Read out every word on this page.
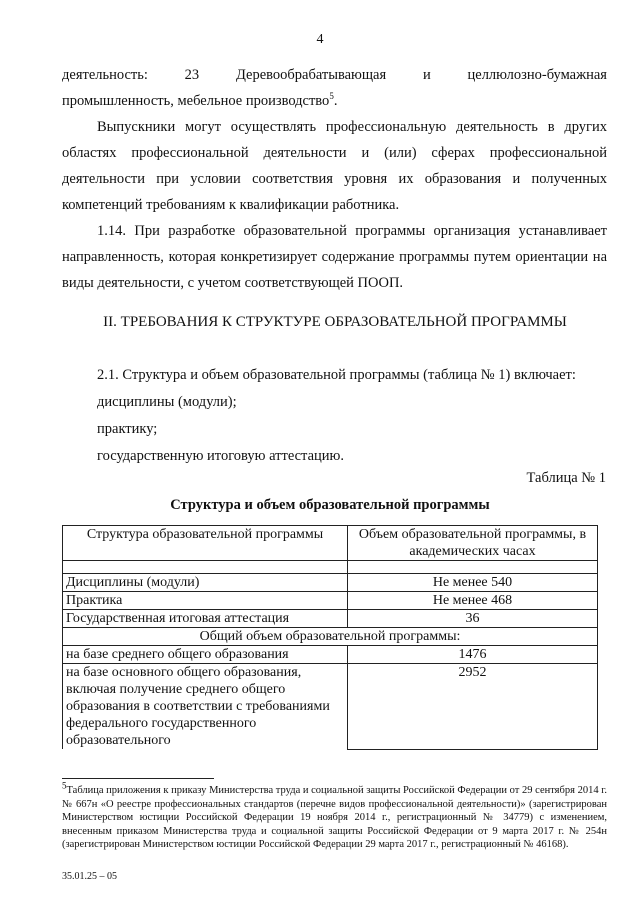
4
деятельность:	23	Деревообрабатывающая	и	целлюлозно-бумажная
промышленность, мебельное производство$^5$.

Выпускники могут осуществлять профессиональную деятельность в других областях профессиональной деятельности и (или) сферах профессиональной деятельности при условии соответствия уровня их образования и полученных компетенций требованиям к квалификации работника.

1.14. При разработке образовательной программы организация устанавливает направленность, которая конкретизирует содержание программы путем ориентации на виды деятельности, с учетом соответствующей ПООП.

II. ТРЕБОВАНИЯ К СТРУКТУРЕ ОБРАЗОВАТЕЛЬНОЙ ПРОГРАММЫ
2.1. Структура и объем образовательной программы (таблица № 1) включает:
дисциплины (модули);
практику;
государственную итоговую аттестацию.
Таблица № 1
Структура и объем образовательной программы
Структура образовательной программы	Объем образовательной программы, в академических часах

Дисциплины (модули)	Не менее 540
Практика	Не менее 468
Государственная итоговая аттестация	36
Общий объем образовательной программы:	
на базе среднего общего образования	1476
на базе основного общего образования, включая получение среднего общего образования в соответствии с требованиями федерального государственного образовательного	2952

$^5$Таблица приложения к приказу Министерства труда и социальной защиты Российской Федерации от 29 сентября 2014 г. № 667н «О реестре профессиональных стандартов (перечне видов профессиональной деятельности)» (зарегистрирован Министерством юстиции Российской Федерации 19 ноября 2014 г., регистрационный № 34779) с изменением, внесенным приказом Министерства труда и социальной защиты Российской Федерации от 9 марта 2017 г. № 254н (зарегистрирован Министерством юстиции Российской Федерации 29 марта 2017 г., регистрационный № 46168).

35.01.25 – 05
